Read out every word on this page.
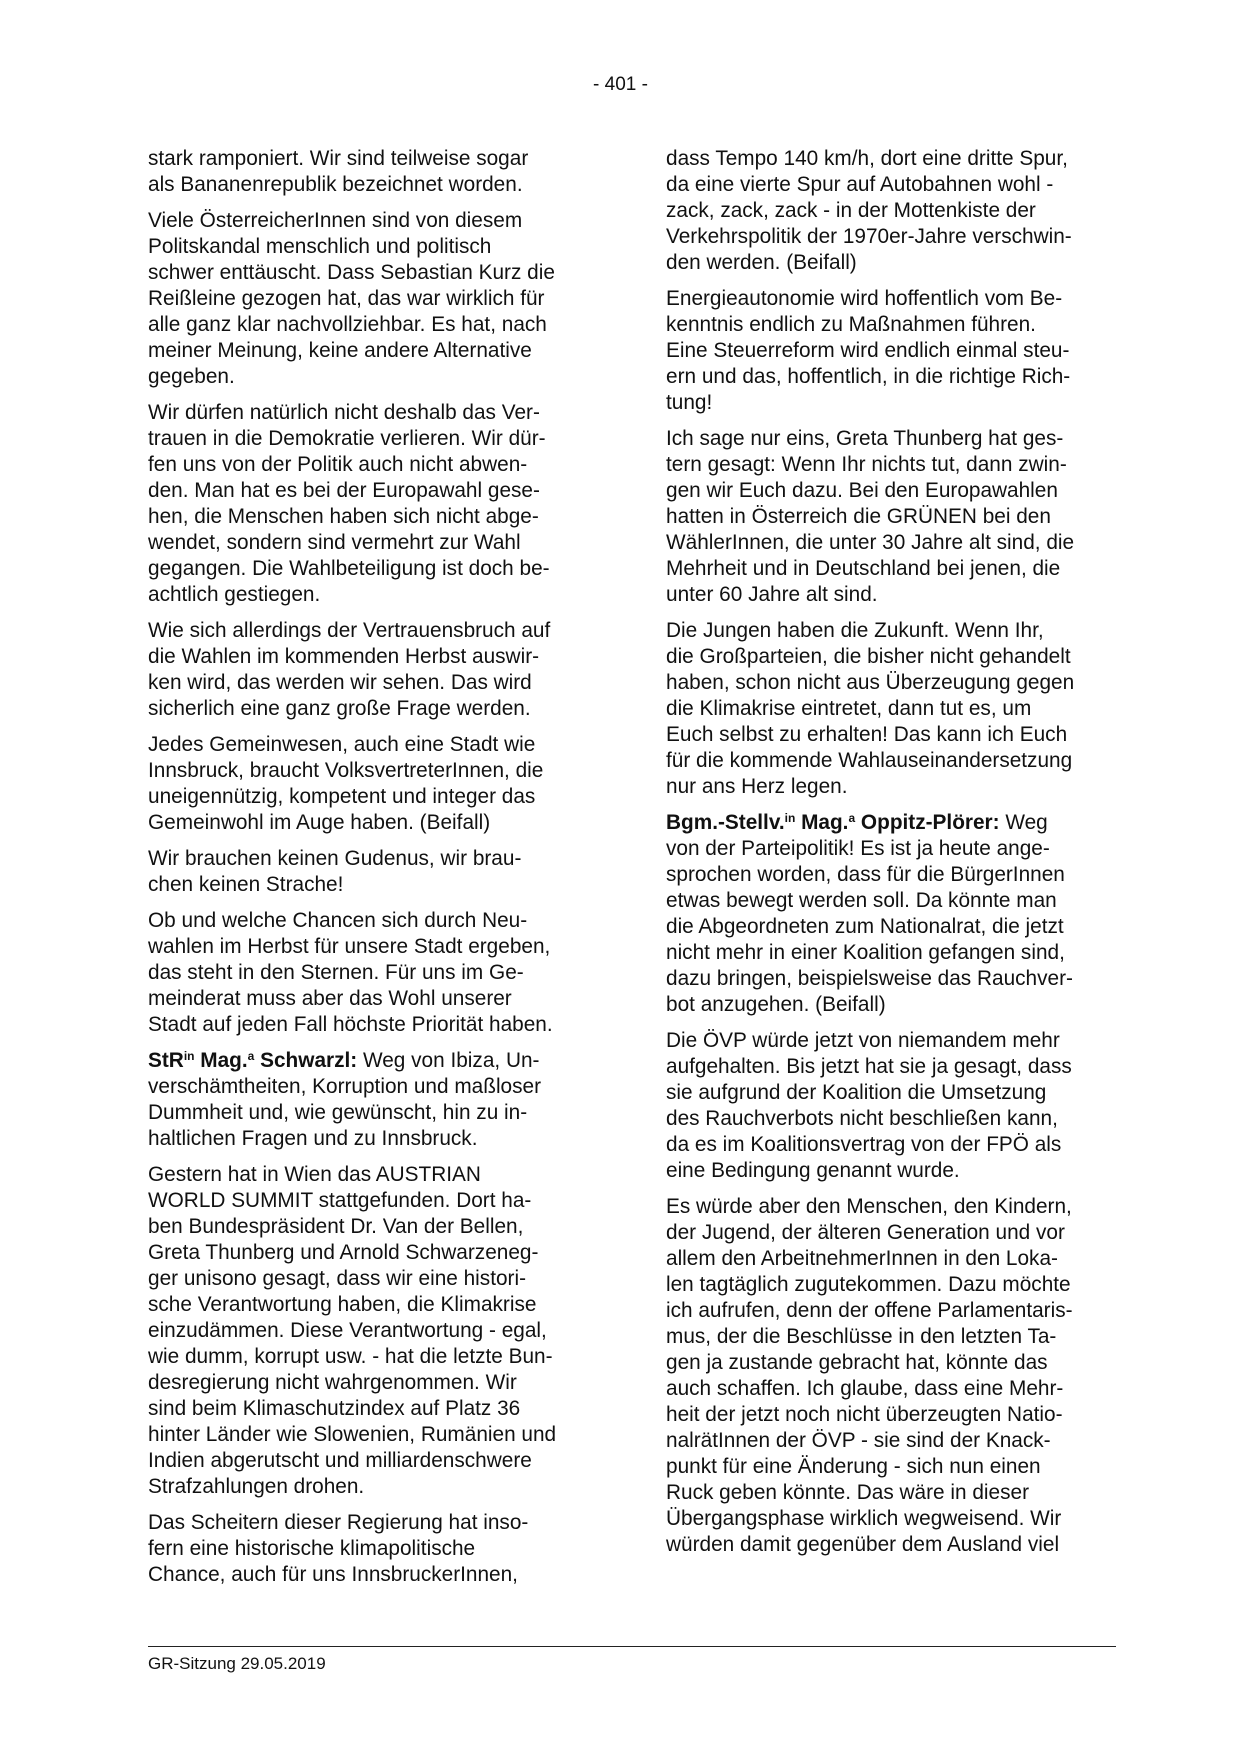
- 401 -

stark ramponiert. Wir sind teilweise sogar
als Bananenrepublik bezeichnet worden.

Viele ÖsterreicherInnen sind von diesem
Politskandal menschlich und politisch
schwer enttäuscht. Dass Sebastian Kurz die
Reißleine gezogen hat, das war wirklich für
alle ganz klar nachvollziehbar. Es hat, nach
meiner Meinung, keine andere Alternative
gegeben.

Wir dürfen natürlich nicht deshalb das Ver-
trauen in die Demokratie verlieren. Wir dür-
fen uns von der Politik auch nicht abwen-
den. Man hat es bei der Europawahl gese-
hen, die Menschen haben sich nicht abge-
wendet, sondern sind vermehrt zur Wahl
gegangen. Die Wahlbeteiligung ist doch be-
achtlich gestiegen.

Wie sich allerdings der Vertrauensbruch auf
die Wahlen im kommenden Herbst auswir-
ken wird, das werden wir sehen. Das wird
sicherlich eine ganz große Frage werden.

Jedes Gemeinwesen, auch eine Stadt wie
Innsbruck, braucht VolksvertreterInnen, die
uneigennützig, kompetent und integer das
Gemeinwohl im Auge haben. (Beifall)

Wir brauchen keinen Gudenus, wir brau-
chen keinen Strache!

Ob und welche Chancen sich durch Neu-
wahlen im Herbst für unsere Stadt ergeben,
das steht in den Sternen. Für uns im Ge-
meinderat muss aber das Wohl unserer
Stadt auf jeden Fall höchste Priorität haben.

StR$^{in}$ Mag.$^a$ Schwarzl: Weg von Ibiza, Un-
verschämtheiten, Korruption und maßloser
Dummheit und, wie gewünscht, hin zu in-
haltlichen Fragen und zu Innsbruck.

Gestern hat in Wien das AUSTRIAN
WORLD SUMMIT stattgefunden. Dort ha-
ben Bundespräsident Dr. Van der Bellen,
Greta Thunberg und Arnold Schwarzeneg-
ger unisono gesagt, dass wir eine histori-
sche Verantwortung haben, die Klimakrise
einzudämmen. Diese Verantwortung - egal,
wie dumm, korrupt usw. - hat die letzte Bun-
desregierung nicht wahrgenommen. Wir
sind beim Klimaschutzindex auf Platz 36
hinter Länder wie Slowenien, Rumänien und
Indien abgerutscht und milliardenschwere
Strafzahlungen drohen.

Das Scheitern dieser Regierung hat inso-
fern eine historische klimapolitische
Chance, auch für uns InnsbruckerInnen,

dass Tempo 140 km/h, dort eine dritte Spur,
da eine vierte Spur auf Autobahnen wohl -
zack, zack, zack - in der Mottenkiste der
Verkehrspolitik der 1970er-Jahre verschwin-
den werden. (Beifall)

Energieautonomie wird hoffentlich vom Be-
kenntnis endlich zu Maßnahmen führen.
Eine Steuerreform wird endlich einmal steu-
ern und das, hoffentlich, in die richtige Rich-
tung!

Ich sage nur eins, Greta Thunberg hat ges-
tern gesagt: Wenn Ihr nichts tut, dann zwin-
gen wir Euch dazu. Bei den Europawahlen
hatten in Österreich die GRÜNEN bei den
WählerInnen, die unter 30 Jahre alt sind, die
Mehrheit und in Deutschland bei jenen, die
unter 60 Jahre alt sind.

Die Jungen haben die Zukunft. Wenn Ihr,
die Großparteien, die bisher nicht gehandelt
haben, schon nicht aus Überzeugung gegen
die Klimakrise eintretet, dann tut es, um
Euch selbst zu erhalten! Das kann ich Euch
für die kommende Wahlauseinandersetzung
nur ans Herz legen.

Bgm.-Stellv.$^{in}$ Mag.$^a$ Oppitz-Plörer: Weg
von der Parteipolitik! Es ist ja heute ange-
sprochen worden, dass für die BürgerInnen
etwas bewegt werden soll. Da könnte man
die Abgeordneten zum Nationalrat, die jetzt
nicht mehr in einer Koalition gefangen sind,
dazu bringen, beispielsweise das Rauchver-
bot anzugehen. (Beifall)

Die ÖVP würde jetzt von niemandem mehr
aufgehalten. Bis jetzt hat sie ja gesagt, dass
sie aufgrund der Koalition die Umsetzung
des Rauchverbots nicht beschließen kann,
da es im Koalitionsvertrag von der FPÖ als
eine Bedingung genannt wurde.

Es würde aber den Menschen, den Kindern,
der Jugend, der älteren Generation und vor
allem den ArbeitnehmerInnen in den Loka-
len tagtäglich zugutekommen. Dazu möchte
ich aufrufen, denn der offene Parlamentaris-
mus, der die Beschlüsse in den letzten Ta-
gen ja zustande gebracht hat, könnte das
auch schaffen. Ich glaube, dass eine Mehr-
heit der jetzt noch nicht überzeugten Natio-
nalrätInnen der ÖVP - sie sind der Knack-
punkt für eine Änderung - sich nun einen
Ruck geben könnte. Das wäre in dieser
Übergangsphase wirklich wegweisend. Wir
würden damit gegenüber dem Ausland viel

GR-Sitzung 29.05.2019
